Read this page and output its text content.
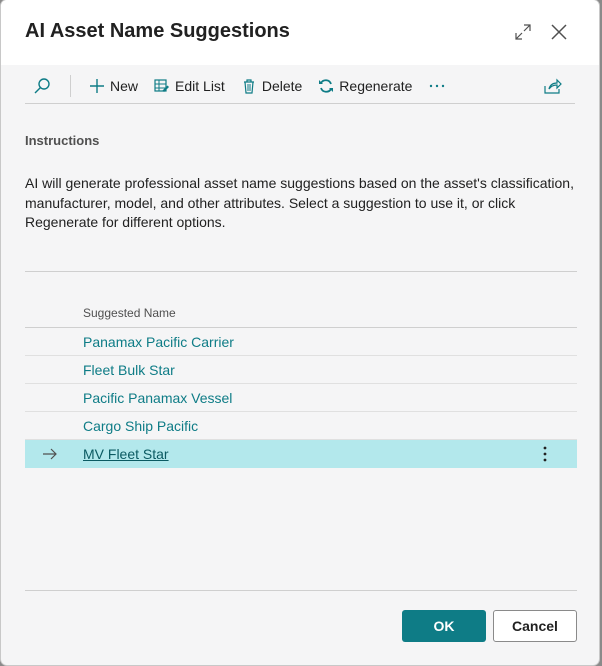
AI Asset Name Suggestions
New	Edit List	Delete	Regenerate
Instructions
AI will generate professional asset name suggestions based on the asset's classification, manufacturer, model, and other attributes. Select a suggestion to use it, or click Regenerate for different options.
Suggested Name
Panamax Pacific Carrier
Fleet Bulk Star
Pacific Panamax Vessel
Cargo Ship Pacific
MV Fleet Star
OK	Cancel
